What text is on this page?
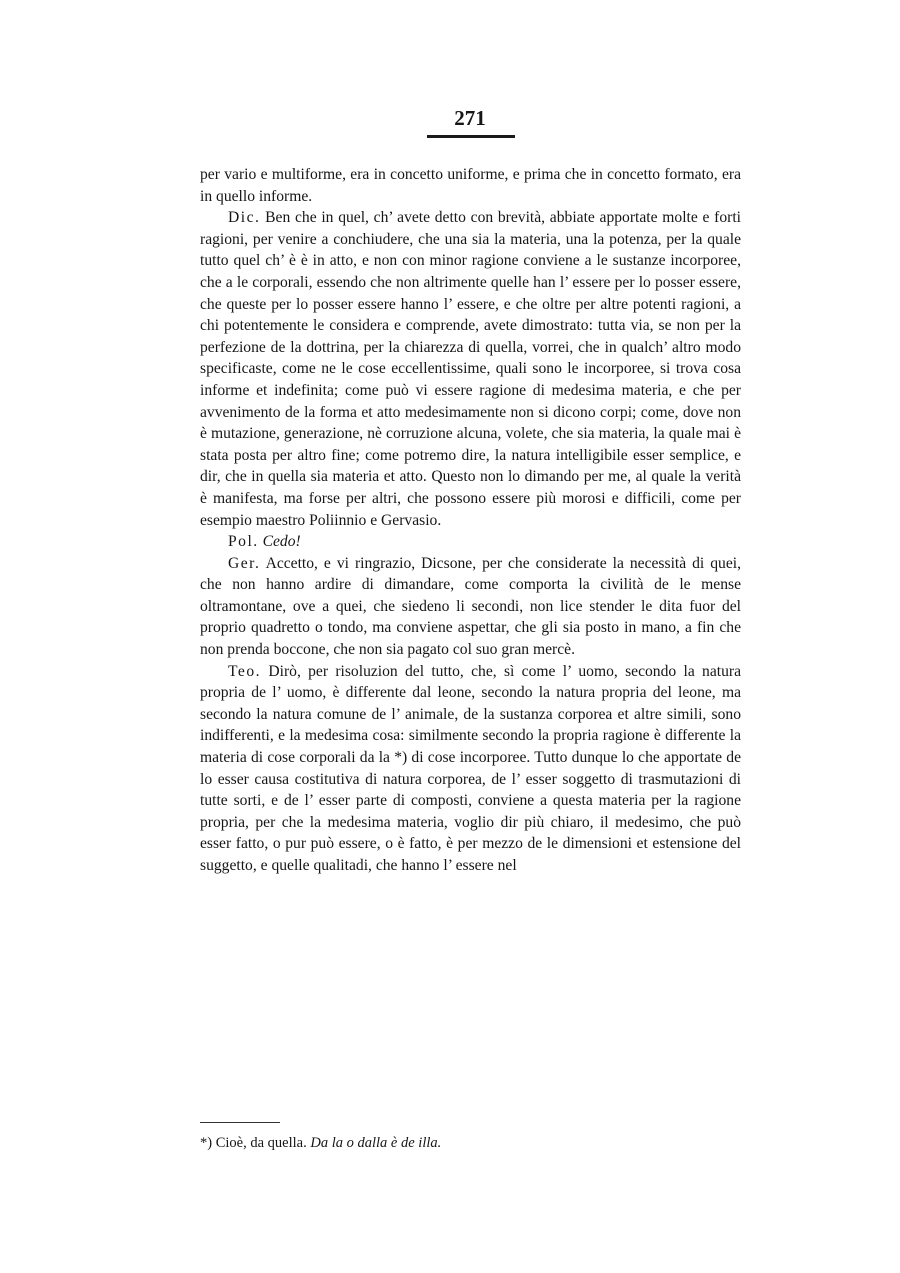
271

per vario e multiforme, era in concetto uniforme, e prima che in concetto formato, era in quello informe.

Dic. Ben che in quel, ch’ avete detto con brevità, abbiate apportate molte e forti ragioni, per venire a conchiudere, che una sia la materia, una la potenza, per la quale tutto quel ch’ è è in atto, e non con minor ragione conviene a le sustanze incorporee, che a le corporali, essendo che non altrimente quelle han l’ essere per lo posser essere, che queste per lo posser essere hanno l’ essere, e che oltre per altre potenti ragioni, a chi potentemente le considera e comprende, avete dimostrato: tutta via, se non per la perfezione de la dottrina, per la chiarezza di quella, vorrei, che in qualch’ altro modo specificaste, come ne le cose eccellentissime, quali sono le incorporee, si trova cosa informe et indefinita; come può vi essere ragione di medesima materia, e che per avvenimento de la forma et atto medesimamente non si dicono corpi; come, dove non è mutazione, generazione, nè corruzione alcuna, volete, che sia materia, la quale mai è stata posta per altro fine; come potremo dire, la natura intelligibile esser semplice, e dir, che in quella sia materia et atto. Questo non lo dimando per me, al quale la verità è manifesta, ma forse per altri, che possono essere più morosi e difficili, come per esempio maestro Poliinnio e Gervasio.

Pol. Cedo!

Ger. Accetto, e vi ringrazio, Dicsone, per che considerate la necessità di quei, che non hanno ardire di dimandare, come comporta la civilità de le mense oltramontane, ove a quei, che siedeno li secondi, non lice stender le dita fuor del proprio quadretto o tondo, ma conviene aspettar, che gli sia posto in mano, a fin che non prenda boccone, che non sia pagato col suo gran mercè.

Teo. Dirò, per risoluzion del tutto, che, sì come l’ uomo, secondo la natura propria de l’ uomo, è differente dal leone, secondo la natura propria del leone, ma secondo la natura comune de l’ animale, de la sustanza corporea et altre simili, sono indifferenti, e la medesima cosa: similmente secondo la propria ragione è differente la materia di cose corporali da la *) di cose incorporee. Tutto dunque lo che apportate de lo esser causa costitutiva di natura corporea, de l’ esser soggetto di trasmutazioni di tutte sorti, e de l’ esser parte di composti, conviene a questa materia per la ragione propria, per che la medesima materia, voglio dir più chiaro, il medesimo, che può esser fatto, o pur può essere, o è fatto, è per mezzo de le dimensioni et estensione del suggetto, e quelle qualitadi, che hanno l’ essere nel

*) Cioè, da quella. Da la o dalla è de illa.
